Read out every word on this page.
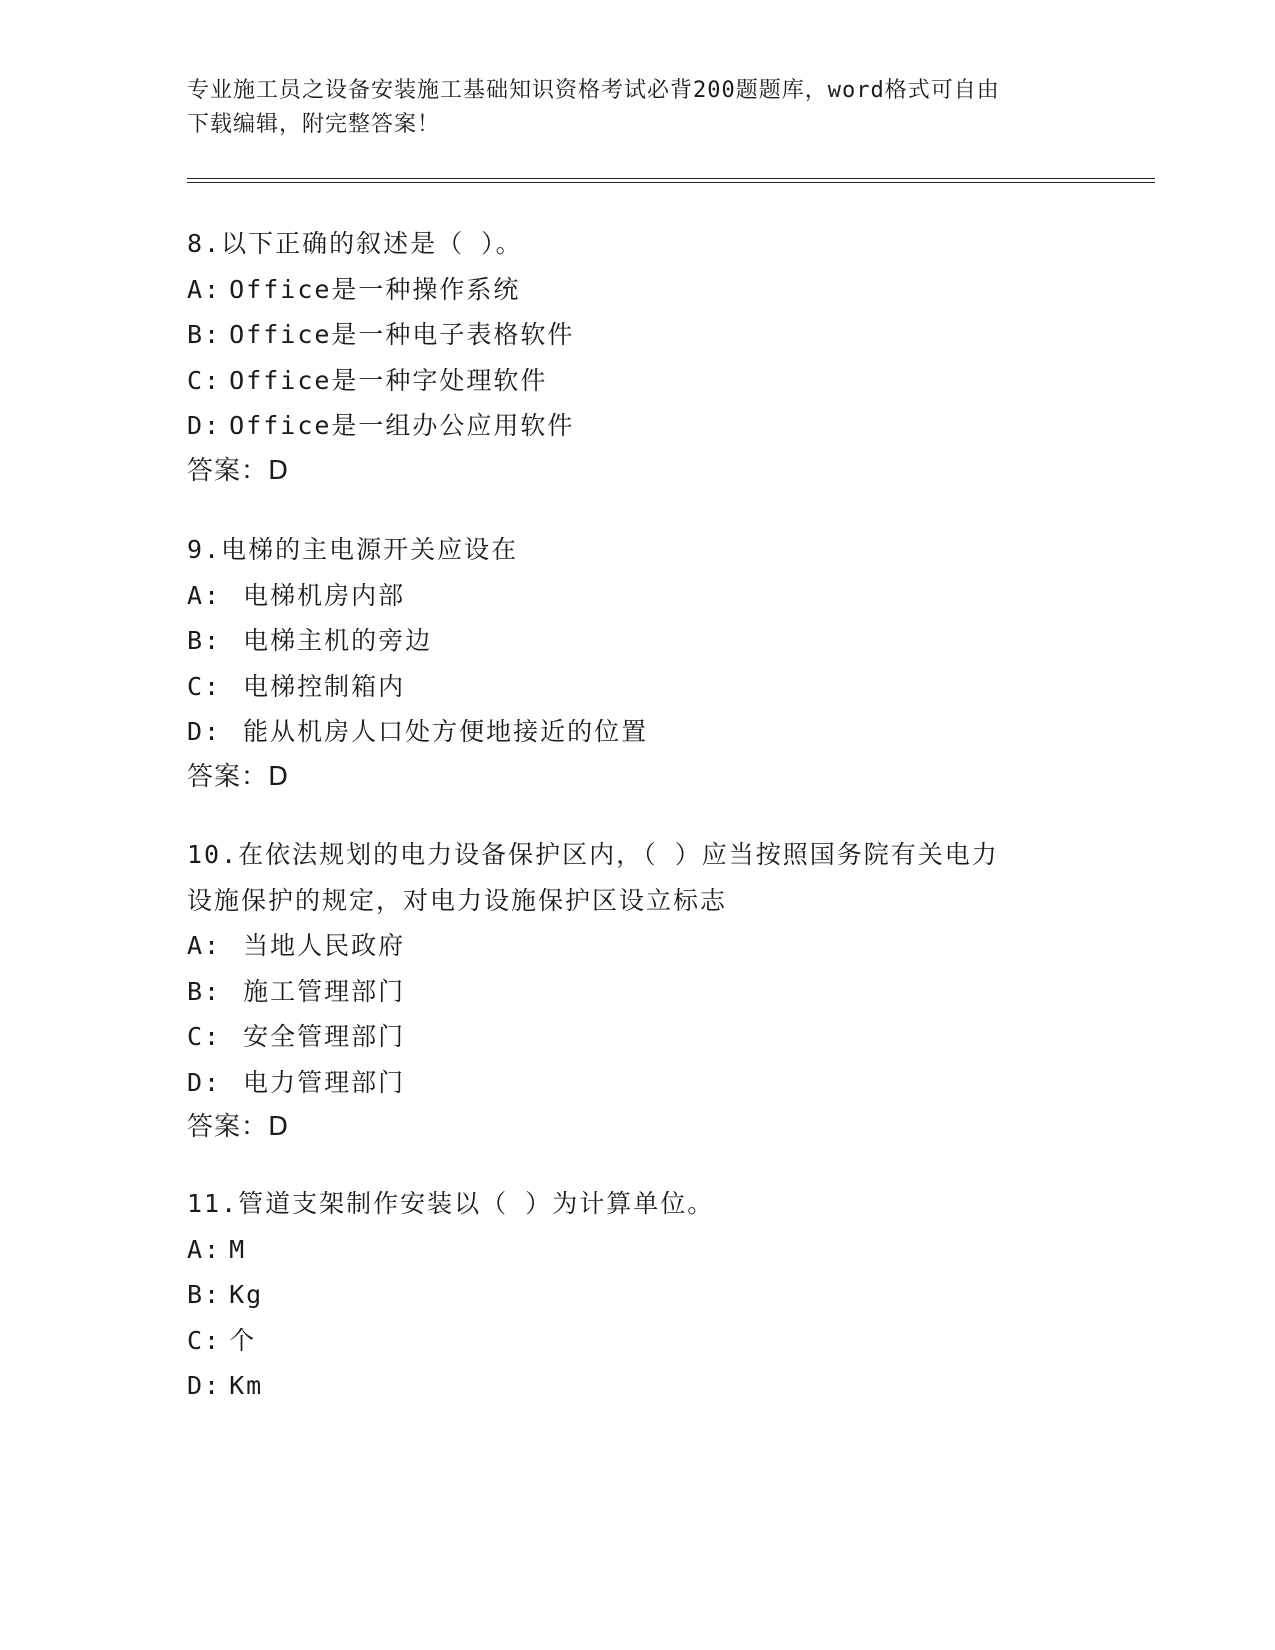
专业施工员之设备安装施工基础知识资格考试必背200题题库，word格式可自由
下载编辑，附完整答案！
8.以下正确的叙述是（ ）。
A: Office是一种操作系统
B: Office是一种电子表格软件
C: Office是一种字处理软件
D: Office是一组办公应用软件
答案：D
9.电梯的主电源开关应设在
A: 电梯机房内部
B: 电梯主机的旁边
C: 电梯控制箱内
D: 能从机房人口处方便地接近的位置
答案：D
10.在依法规划的电力设备保护区内，（ ）应当按照国务院有关电力
设施保护的规定，对电力设施保护区设立标志
A: 当地人民政府
B: 施工管理部门
C: 安全管理部门
D: 电力管理部门
答案：D
11.管道支架制作安装以（ ）为计算单位。
A: M
B: Kg
C: 个
D: Km
